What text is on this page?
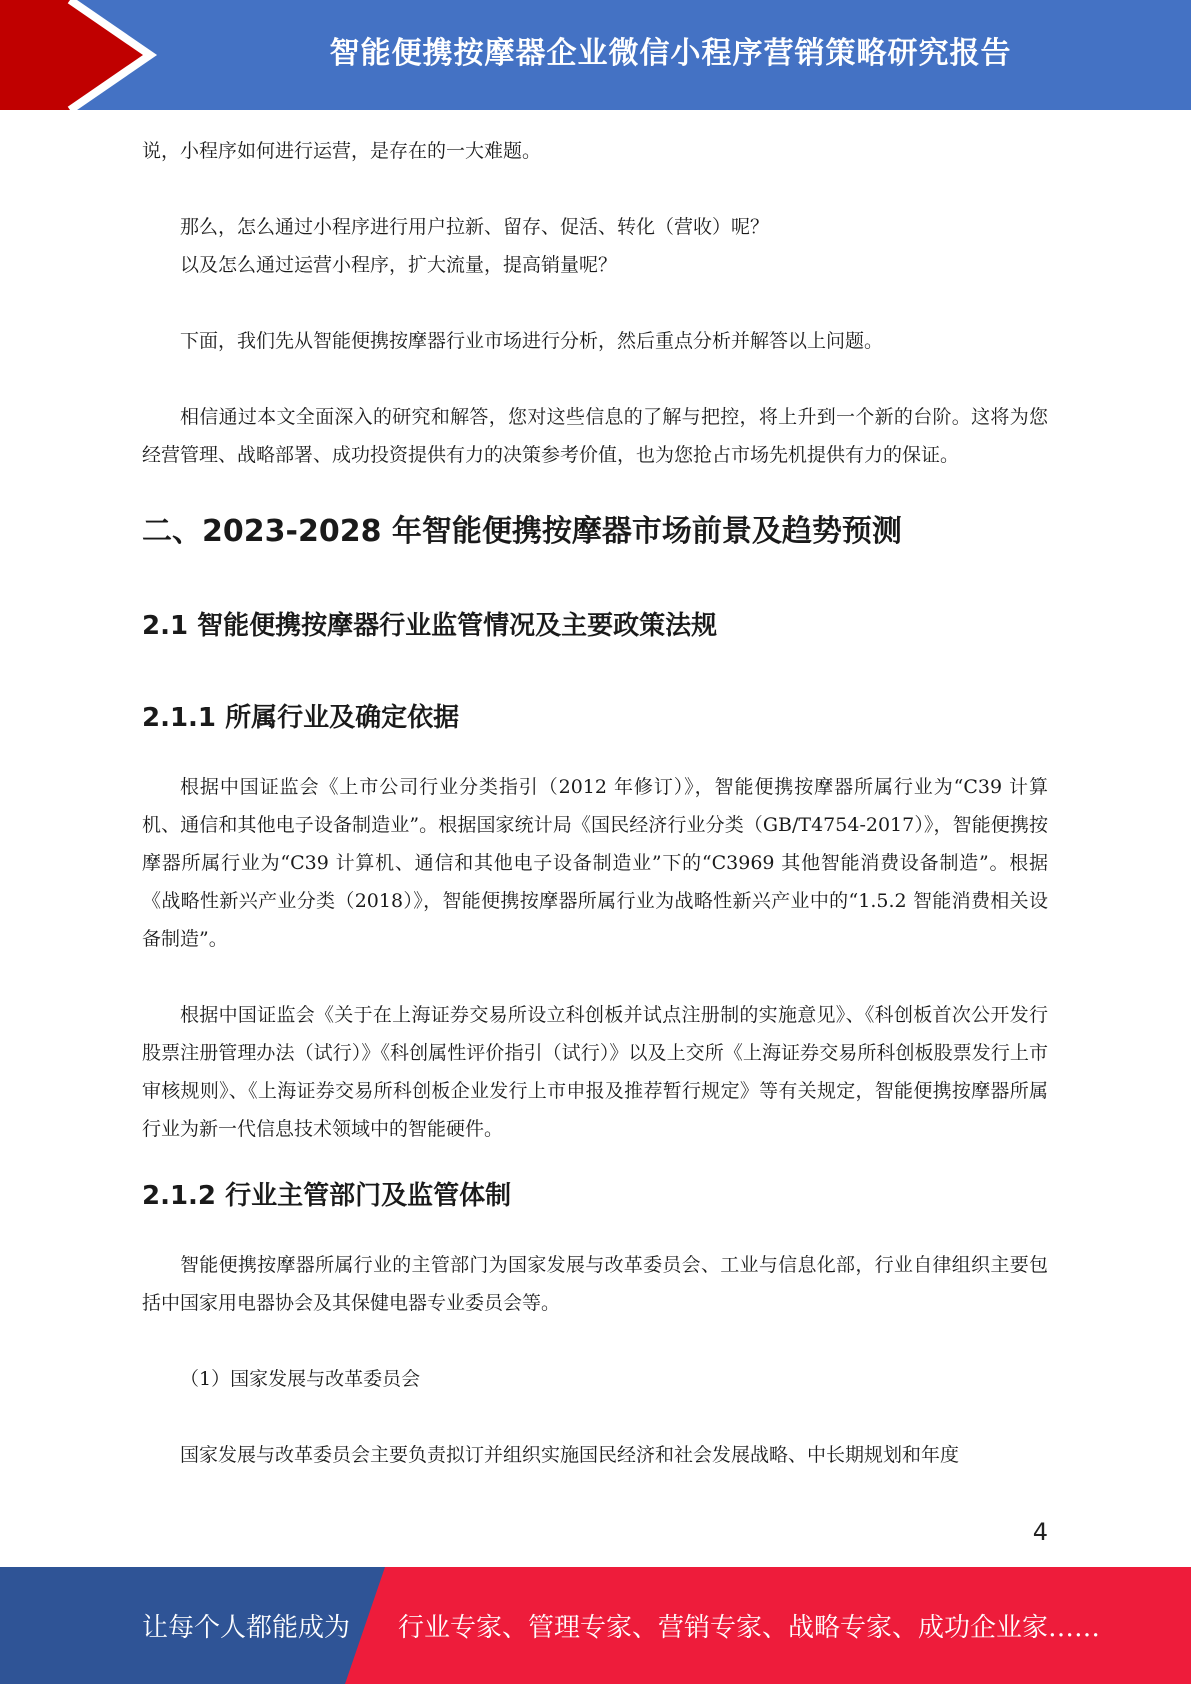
智能便携按摩器企业微信小程序营销策略研究报告

说，小程序如何进行运营，是存在的一大难题。

那么，怎么通过小程序进行用户拉新、留存、促活、转化（营收）呢？

以及怎么通过运营小程序，扩大流量，提高销量呢？

下面，我们先从智能便携按摩器行业市场进行分析，然后重点分析并解答以上问题。

相信通过本文全面深入的研究和解答，您对这些信息的了解与把控，将上升到一个新的台阶。这将为您经营管理、战略部署、成功投资提供有力的决策参考价值，也为您抢占市场先机提供有力的保证。

二、2023-2028 年智能便携按摩器市场前景及趋势预测
2.1 智能便携按摩器行业监管情况及主要政策法规
2.1.1 所属行业及确定依据

根据中国证监会《上市公司行业分类指引（2012 年修订）》，智能便携按摩器所属行业为“C39 计算机、通信和其他电子设备制造业”。根据国家统计局《国民经济行业分类（GB/T4754-2017）》，智能便携按摩器所属行业为“C39 计算机、通信和其他电子设备制造业”下的“C3969 其他智能消费设备制造”。根据《战略性新兴产业分类（2018）》，智能便携按摩器所属行业为战略性新兴产业中的“1.5.2 智能消费相关设备制造”。

根据中国证监会《关于在上海证券交易所设立科创板并试点注册制的实施意见》、《科创板首次公开发行股票注册管理办法（试行）》《科创属性评价指引（试行）》以及上交所《上海证券交易所科创板股票发行上市审核规则》、《上海证券交易所科创板企业发行上市申报及推荐暂行规定》等有关规定，智能便携按摩器所属行业为新一代信息技术领域中的智能硬件。

2.1.2 行业主管部门及监管体制

智能便携按摩器所属行业的主管部门为国家发展与改革委员会、工业与信息化部，行业自律组织主要包括中国家用电器协会及其保健电器专业委员会等。

（1）国家发展与改革委员会

国家发展与改革委员会主要负责拟订并组织实施国民经济和社会发展战略、中长期规划和年度

4
让每个人都能成为 行业专家、管理专家、营销专家、战略专家、成功企业家……
